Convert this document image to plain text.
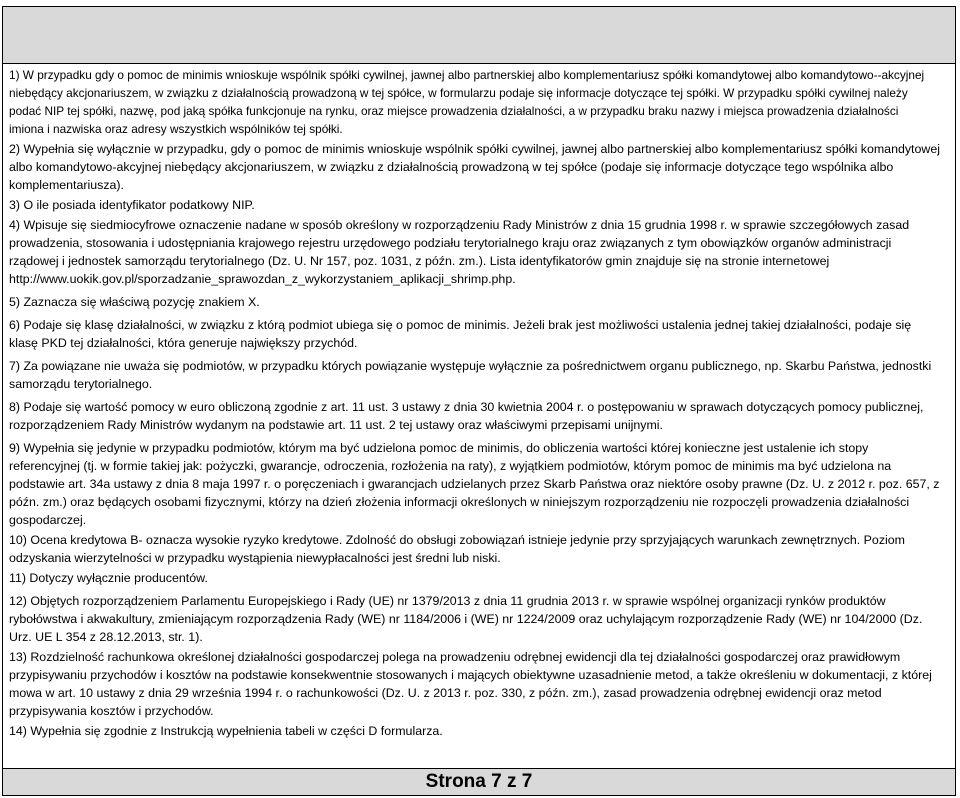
1) W przypadku gdy o pomoc de minimis wnioskuje wspólnik spółki cywilnej, jawnej albo partnerskiej albo komplementariusz spółki komandytowej albo komandytowo--akcyjnej niebędący akcjonariuszem, w związku z działalnością prowadzoną w tej spółce, w formularzu podaje się informacje dotyczące tej spółki. W przypadku spółki cywilnej należy podać NIP tej spółki, nazwę, pod jaką spółka funkcjonuje na rynku, oraz miejsce prowadzenia działalności, a w przypadku braku nazwy i miejsca prowadzenia działalności imiona i nazwiska oraz adresy wszystkich wspólników tej spółki.

2) Wypełnia się wyłącznie w przypadku, gdy o pomoc de minimis wnioskuje wspólnik spółki cywilnej, jawnej albo partnerskiej albo komplementariusz spółki komandytowej albo komandytowo-akcyjnej niebędący akcjonariuszem, w związku z działalnością prowadzoną w tej spółce (podaje się informacje dotyczące tego wspólnika albo komplementariusza).

3) O ile posiada identyfikator podatkowy NIP.

4) Wpisuje się siedmiocyfrowe oznaczenie nadane w sposób określony w rozporządzeniu Rady Ministrów z dnia 15 grudnia 1998 r. w sprawie szczegółowych zasad prowadzenia, stosowania i udostępniania krajowego rejestru urzędowego podziału terytorialnego kraju oraz związanych z tym obowiązków organów administracji rządowej i jednostek samorządu terytorialnego (Dz. U. Nr 157, poz. 1031, z późn. zm.). Lista identyfikatorów gmin znajduje się na stronie internetowej http://www.uokik.gov.pl/sporzadzanie_sprawozdan_z_wykorzystaniem_aplikacji_shrimp.php.

5) Zaznacza się właściwą pozycję znakiem X.

6) Podaje się klasę działalności, w związku z którą podmiot ubiega się o pomoc de minimis. Jeżeli brak jest możliwości ustalenia jednej takiej działalności, podaje się klasę PKD tej działalności, która generuje największy przychód.

7) Za powiązane nie uważa się podmiotów, w przypadku których powiązanie występuje wyłącznie za pośrednictwem organu publicznego, np. Skarbu Państwa, jednostki samorządu terytorialnego.

8) Podaje się wartość pomocy w euro obliczoną zgodnie z art. 11 ust. 3 ustawy z dnia 30 kwietnia 2004 r. o postępowaniu w sprawach dotyczących pomocy publicznej, rozporządzeniem Rady Ministrów wydanym na podstawie art. 11 ust. 2 tej ustawy oraz właściwymi przepisami unijnymi.

9) Wypełnia się jedynie w przypadku podmiotów, którym ma być udzielona pomoc de minimis, do obliczenia wartości której konieczne jest ustalenie ich stopy referencyjnej (tj. w formie takiej jak: pożyczki, gwarancje, odroczenia, rozłożenia na raty), z wyjątkiem podmiotów, którym pomoc de minimis ma być udzielona na podstawie art. 34a ustawy z dnia 8 maja 1997 r. o poręczeniach i gwarancjach udzielanych przez Skarb Państwa oraz niektóre osoby prawne (Dz. U. z 2012 r. poz. 657, z późn. zm.) oraz będących osobami fizycznymi, którzy na dzień złożenia informacji określonych w niniejszym rozporządzeniu nie rozpoczęli prowadzenia działalności gospodarczej.

10) Ocena kredytowa B- oznacza wysokie ryzyko kredytowe. Zdolność do obsługi zobowiązań istnieje jedynie przy sprzyjających warunkach zewnętrznych. Poziom odzyskania wierzytelności w przypadku wystąpienia niewypłacalności jest średni lub niski.

11) Dotyczy wyłącznie producentów.

12) Objętych rozporządzeniem Parlamentu Europejskiego i Rady (UE) nr 1379/2013 z dnia 11 grudnia 2013 r. w sprawie wspólnej organizacji rynków produktów rybołówstwa i akwakultury, zmieniającym rozporządzenia Rady (WE) nr 1184/2006 i (WE) nr 1224/2009 oraz uchylającym rozporządzenie Rady (WE) nr 104/2000 (Dz. Urz. UE L 354 z 28.12.2013, str. 1).

13) Rozdzielność rachunkowa określonej działalności gospodarczej polega na prowadzeniu odrębnej ewidencji dla tej działalności gospodarczej oraz prawidłowym przypisywaniu przychodów i kosztów na podstawie konsekwentnie stosowanych i mających obiektywne uzasadnienie metod, a także określeniu w dokumentacji, z której mowa w art. 10 ustawy z dnia 29 września 1994 r. o rachunkowości (Dz. U. z 2013 r. poz. 330, z późn. zm.), zasad prowadzenia odrębnej ewidencji oraz metod przypisywania kosztów i przychodów.

14) Wypełnia się zgodnie z Instrukcją wypełnienia tabeli w części D formularza.

Strona 7 z 7
